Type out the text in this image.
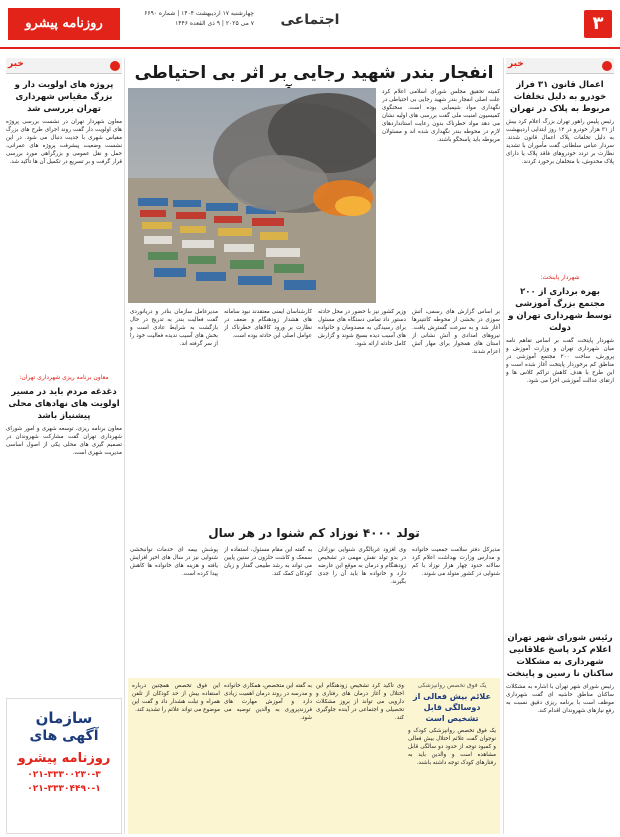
۳
اجتماعی
چهارشنبه ۱۷ اردیبهشت ۱۴۰۴ | شماره ۶۶۹۰
۷ می ۲۰۲۵ | ۹ ذی القعده ۱۴۴۶
روزنامه پیشرو
خبر
اعمال قانون ۳۱ فراز خودرو به دلیل تخلفات مربوط به پلاک در تهران
رئیس پلیس راهور تهران بزرگ اعلام کرد بیش از ۳۱ هزار خودرو در ۱۲ روز ابتدایی اردیبهشت به دلیل تخلفات پلاک اعمال قانون شدند. سردار عباس سلطانی گفت مأموران با تشدید نظارت بر تردد خودروهای فاقد پلاک یا دارای پلاک مخدوش، با متخلفان برخورد کردند.
شهردار پاینخت:
بهره برداری از ۲۰۰ مجتمع بزرگ آموزشی توسط شهرداری تهران و دولت
شهردار پایتخت گفت بر اساس تفاهم نامه میان شهرداری تهران و وزارت آموزش و پرورش، ساخت ۲۰۰ مجتمع آموزشی در مناطق کم برخوردار پایتخت آغاز شده است و این طرح با هدف کاهش تراکم کلاس ها و ارتقای عدالت آموزشی اجرا می شود.
رئیس شورای شهر تهران اعلام کرد پاسخ علاقانیی شهرداری به مشکلات ساکنان نا رسین و پاینخت
رئیس شورای شهر تهران با اشاره به مشکلات ساکنان مناطق حاشیه ای گفت شهرداری موظف است با برنامه ریزی دقیق نسبت به رفع نیازهای شهروندان اقدام کند.
خبر
پروژه های اولویت دار و بزرگ مقیاس شهرداری تهران بررسی شد
معاون شهردار تهران در نشست بررسی پروژه های اولویت دار گفت روند اجرای طرح های بزرگ مقیاس شهری با جدیت دنبال می شود. در این نشست وضعیت پیشرفت پروژه های عمرانی، حمل و نقل عمومی و بزرگراهی مورد بررسی قرار گرفت و بر تسریع در تکمیل آن ها تأکید شد.
معاون برنامه ریزی شهرداری تهران:
دغدغه مردم باید در مسیر اولویت های نهادهای محلی پیشنیاز باشد
معاون برنامه ریزی، توسعه شهری و امور شورای شهرداری تهران گفت مشارکت شهروندان در تصمیم گیری های محلی یکی از اصول اساسی مدیریت شهری است.
سازمان
آگهی های
روزنامه پیشرو
۰۲۱-۳۳۳۰۰۲۳۰-۳
۰۲۱-۳۳۳۰۴۴۹۰-۱
انفجار بندر شهید رجایی بر اثر بی احتیاطی
کمیته تحقیق مجلس شورای اسلامی اعلام کرد علت اصلی انفجار بندر شهید رجایی بی احتیاطی در نگهداری مواد شیمیایی بوده است. سخنگوی کمیسیون امنیت ملی گفت بررسی های اولیه نشان می دهد مواد خطرناک بدون رعایت استانداردهای لازم در محوطه بندر نگهداری شده اند و مسئولان مربوطه باید پاسخگو باشند.
بر اساس گزارش های رسمی، آتش سوزی در بخشی از محوطه کانتینرها آغاز شد و به سرعت گسترش یافت. نیروهای امدادی و آتش نشانی از استان های همجوار برای مهار آتش اعزام شدند.
وزیر کشور نیز با حضور در محل حادثه دستور داد تمامی دستگاه های مسئول برای رسیدگی به مصدومان و خانواده های آسیب دیده بسیج شوند و گزارش کامل حادثه ارائه شود.
کارشناسان ایمنی معتقدند نبود سامانه های هشدار زودهنگام و ضعف در نظارت بر ورود کالاهای خطرناک از عوامل اصلی این حادثه بوده است.
مدیرعامل سازمان بنادر و دریانوردی گفت فعالیت بندر به تدریج در حال بازگشت به شرایط عادی است و بخش های آسیب ندیده فعالیت خود را از سر گرفته اند.
تولد ۴۰۰۰ نوزاد کم شنوا در هر سال
مدیرکل دفتر سلامت جمعیت خانواده و مدارس وزارت بهداشت اعلام کرد سالانه حدود چهار هزار نوزاد با کم شنوایی در کشور متولد می شوند.
وی افزود غربالگری شنوایی نوزادان در بدو تولد نقش مهمی در تشخیص زودهنگام و درمان به موقع این عارضه دارد و خانواده ها باید آن را جدی بگیرند.
به گفته این مقام مسئول، استفاده از سمعک و کاشت حلزون در سنین پایین می تواند به رشد طبیعی گفتار و زبان کودکان کمک کند.
پوشش بیمه ای خدمات توانبخشی شنوایی نیز در سال های اخیر افزایش یافته و هزینه های خانواده ها کاهش پیدا کرده است.
یک فوق تخصص روانپزشکی
علائم بیش فعالی از دوسالگی قابل تشخیص است
یک فوق تخصص روانپزشکی کودک و نوجوان گفت علائم اختلال بیش فعالی و کمبود توجه از حدود دو سالگی قابل مشاهده است و والدین باید به رفتارهای کودک توجه داشته باشند.
وی تأکید کرد تشخیص زودهنگام این اختلال و آغاز درمان های رفتاری و دارویی می تواند از بروز مشکلات تحصیلی و اجتماعی در آینده جلوگیری کند.
به گفته این متخصص، همکاری خانواده و مدرسه در روند درمان اهمیت زیادی دارد و آموزش مهارت های فرزندپروری به والدین توصیه می شود.
این فوق تخصص همچنین درباره استفاده بیش از حد کودکان از تلفن همراه و تبلت هشدار داد و گفت این موضوع می تواند علائم را تشدید کند.
